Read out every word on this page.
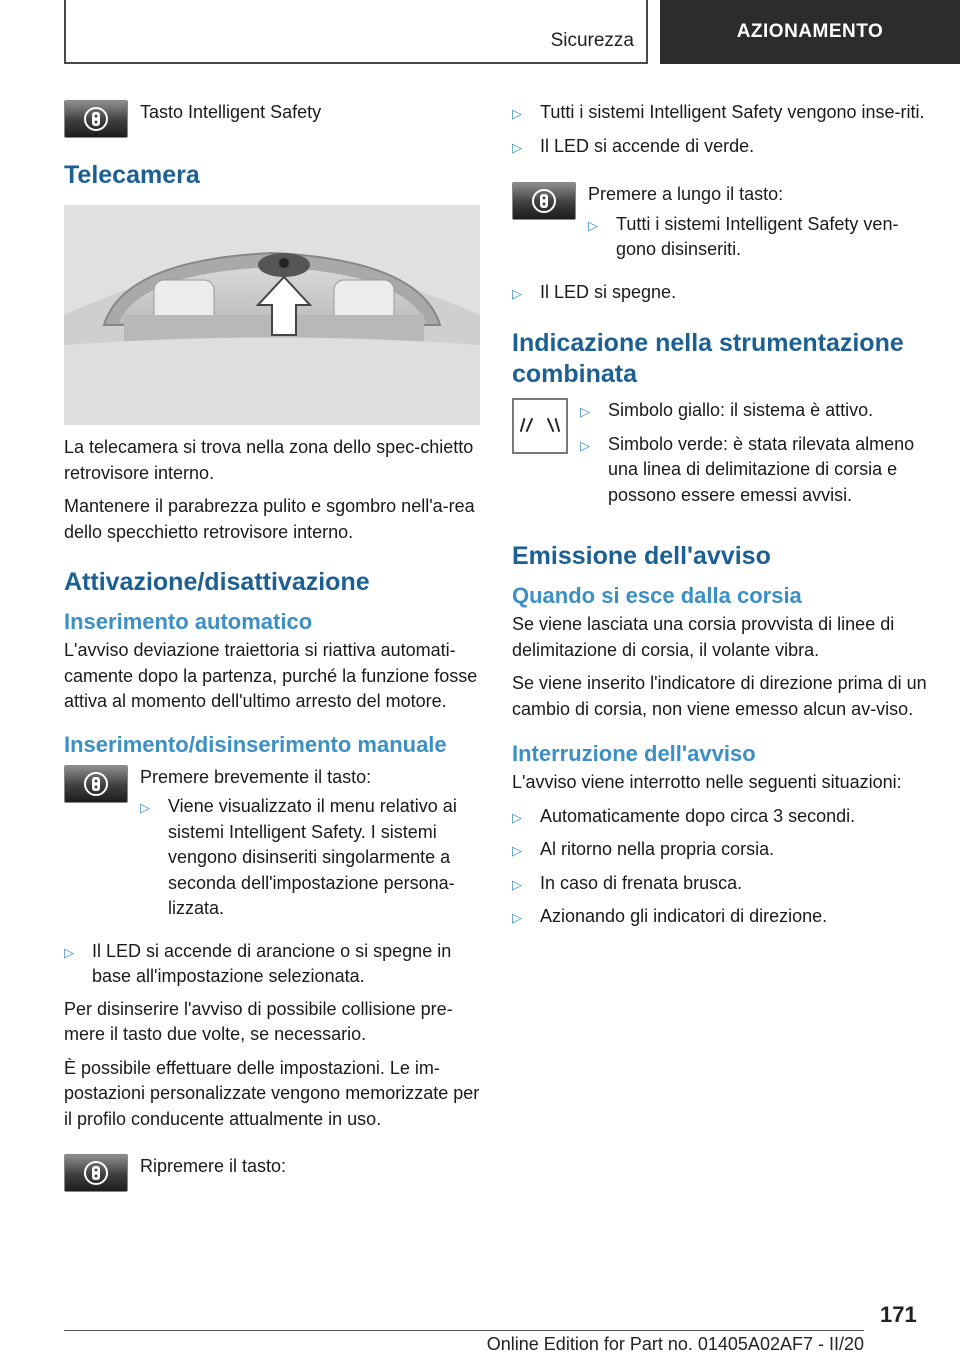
Sicurezza	AZIONAMENTO

Tasto Intelligent Safety

Telecamera

La telecamera si trova nella zona dello spec-chietto retrovisore interno.

Mantenere il parabrezza pulito e sgombro nell'a-rea dello specchietto retrovisore interno.

Attivazione/disattivazione
Inserimento automatico

L'avviso deviazione traiettoria si riattiva automati-camente dopo la partenza, purché la funzione fosse attiva al momento dell'ultimo arresto del motore.

Inserimento/disinserimento manuale

Premere brevemente il tasto:

▷	Viene visualizzato il menu relativo ai sistemi Intelligent Safety. I sistemi vengono disinseriti singolarmente a seconda dell'impostazione persona-lizzata.
▷	Il LED si accende di arancione o si spegne in base all'impostazione selezionata.

Per disinserire l'avviso di possibile collisione pre-mere il tasto due volte, se necessario.

È possibile effettuare delle impostazioni. Le im-postazioni personalizzate vengono memorizzate per il profilo conducente attualmente in uso.

Ripremere il tasto:

▷	Tutti i sistemi Intelligent Safety vengono inse-riti.
▷	Il LED si accende di verde.

Premere a lungo il tasto:

▷	Tutti i sistemi Intelligent Safety ven-gono disinseriti.
▷	Il LED si spegne.
Indicazione nella strumentazione combinata
▷	Simbolo giallo: il sistema è attivo.
▷	Simbolo verde: è stata rilevata almeno una linea di delimitazione di corsia e possono essere emessi avvisi.
Emissione dell'avviso
Quando si esce dalla corsia

Se viene lasciata una corsia provvista di linee di delimitazione di corsia, il volante vibra.

Se viene inserito l'indicatore di direzione prima di un cambio di corsia, non viene emesso alcun av-viso.

Interruzione dell'avviso

L'avviso viene interrotto nelle seguenti situazioni:

▷	Automaticamente dopo circa 3 secondi.
▷	Al ritorno nella propria corsia.
▷	In caso di frenata brusca.
▷	Azionando gli indicatori di direzione.
171
Online Edition for Part no. 01405A02AF7 - II/20
